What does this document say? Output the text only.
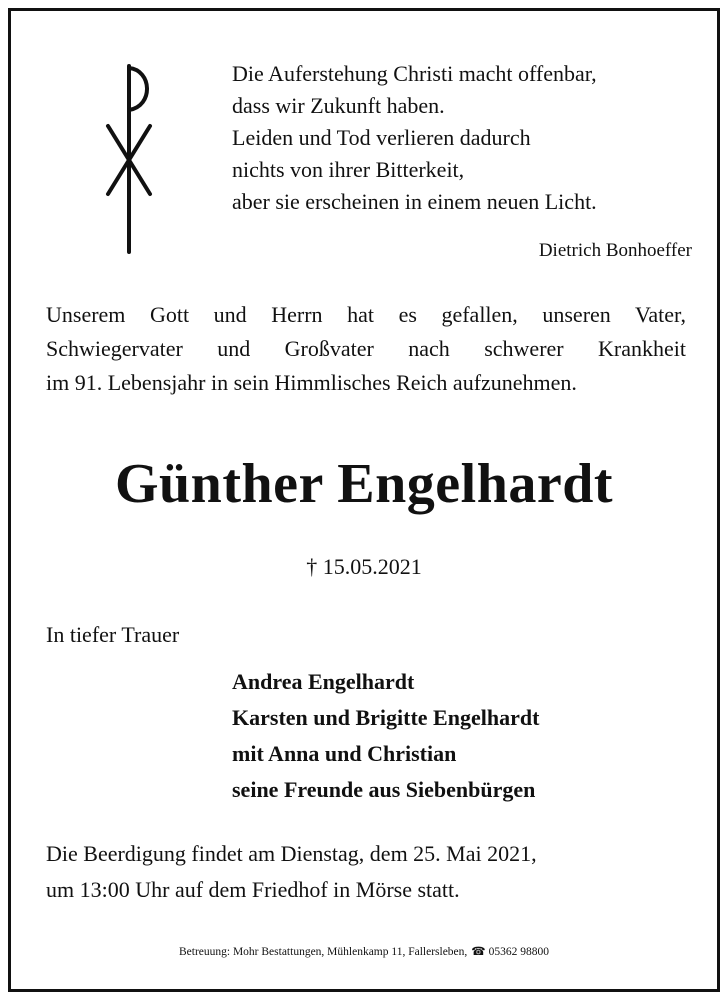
Die Auferstehung Christi macht offenbar,
dass wir Zukunft haben.
Leiden und Tod verlieren dadurch
nichts von ihrer Bitterkeit,
aber sie erscheinen in einem neuen Licht.
Dietrich Bonhoeffer
Unserem Gott und Herrn hat es gefallen, unseren Vater,
Schwiegervater und Großvater nach schwerer Krankheit
im 91. Lebensjahr in sein Himmlisches Reich aufzunehmen.
Günther Engelhardt
† 15.05.2021
In tiefer Trauer
Andrea Engelhardt
Karsten und Brigitte Engelhardt
mit Anna und Christian
seine Freunde aus Siebenbürgen
Die Beerdigung findet am Dienstag, dem 25. Mai 2021,
um 13:00 Uhr auf dem Friedhof in Mörse statt.
Betreuung: Mohr Bestattungen, Mühlenkamp 11, Fallersleben, ☎ 05362 98800
